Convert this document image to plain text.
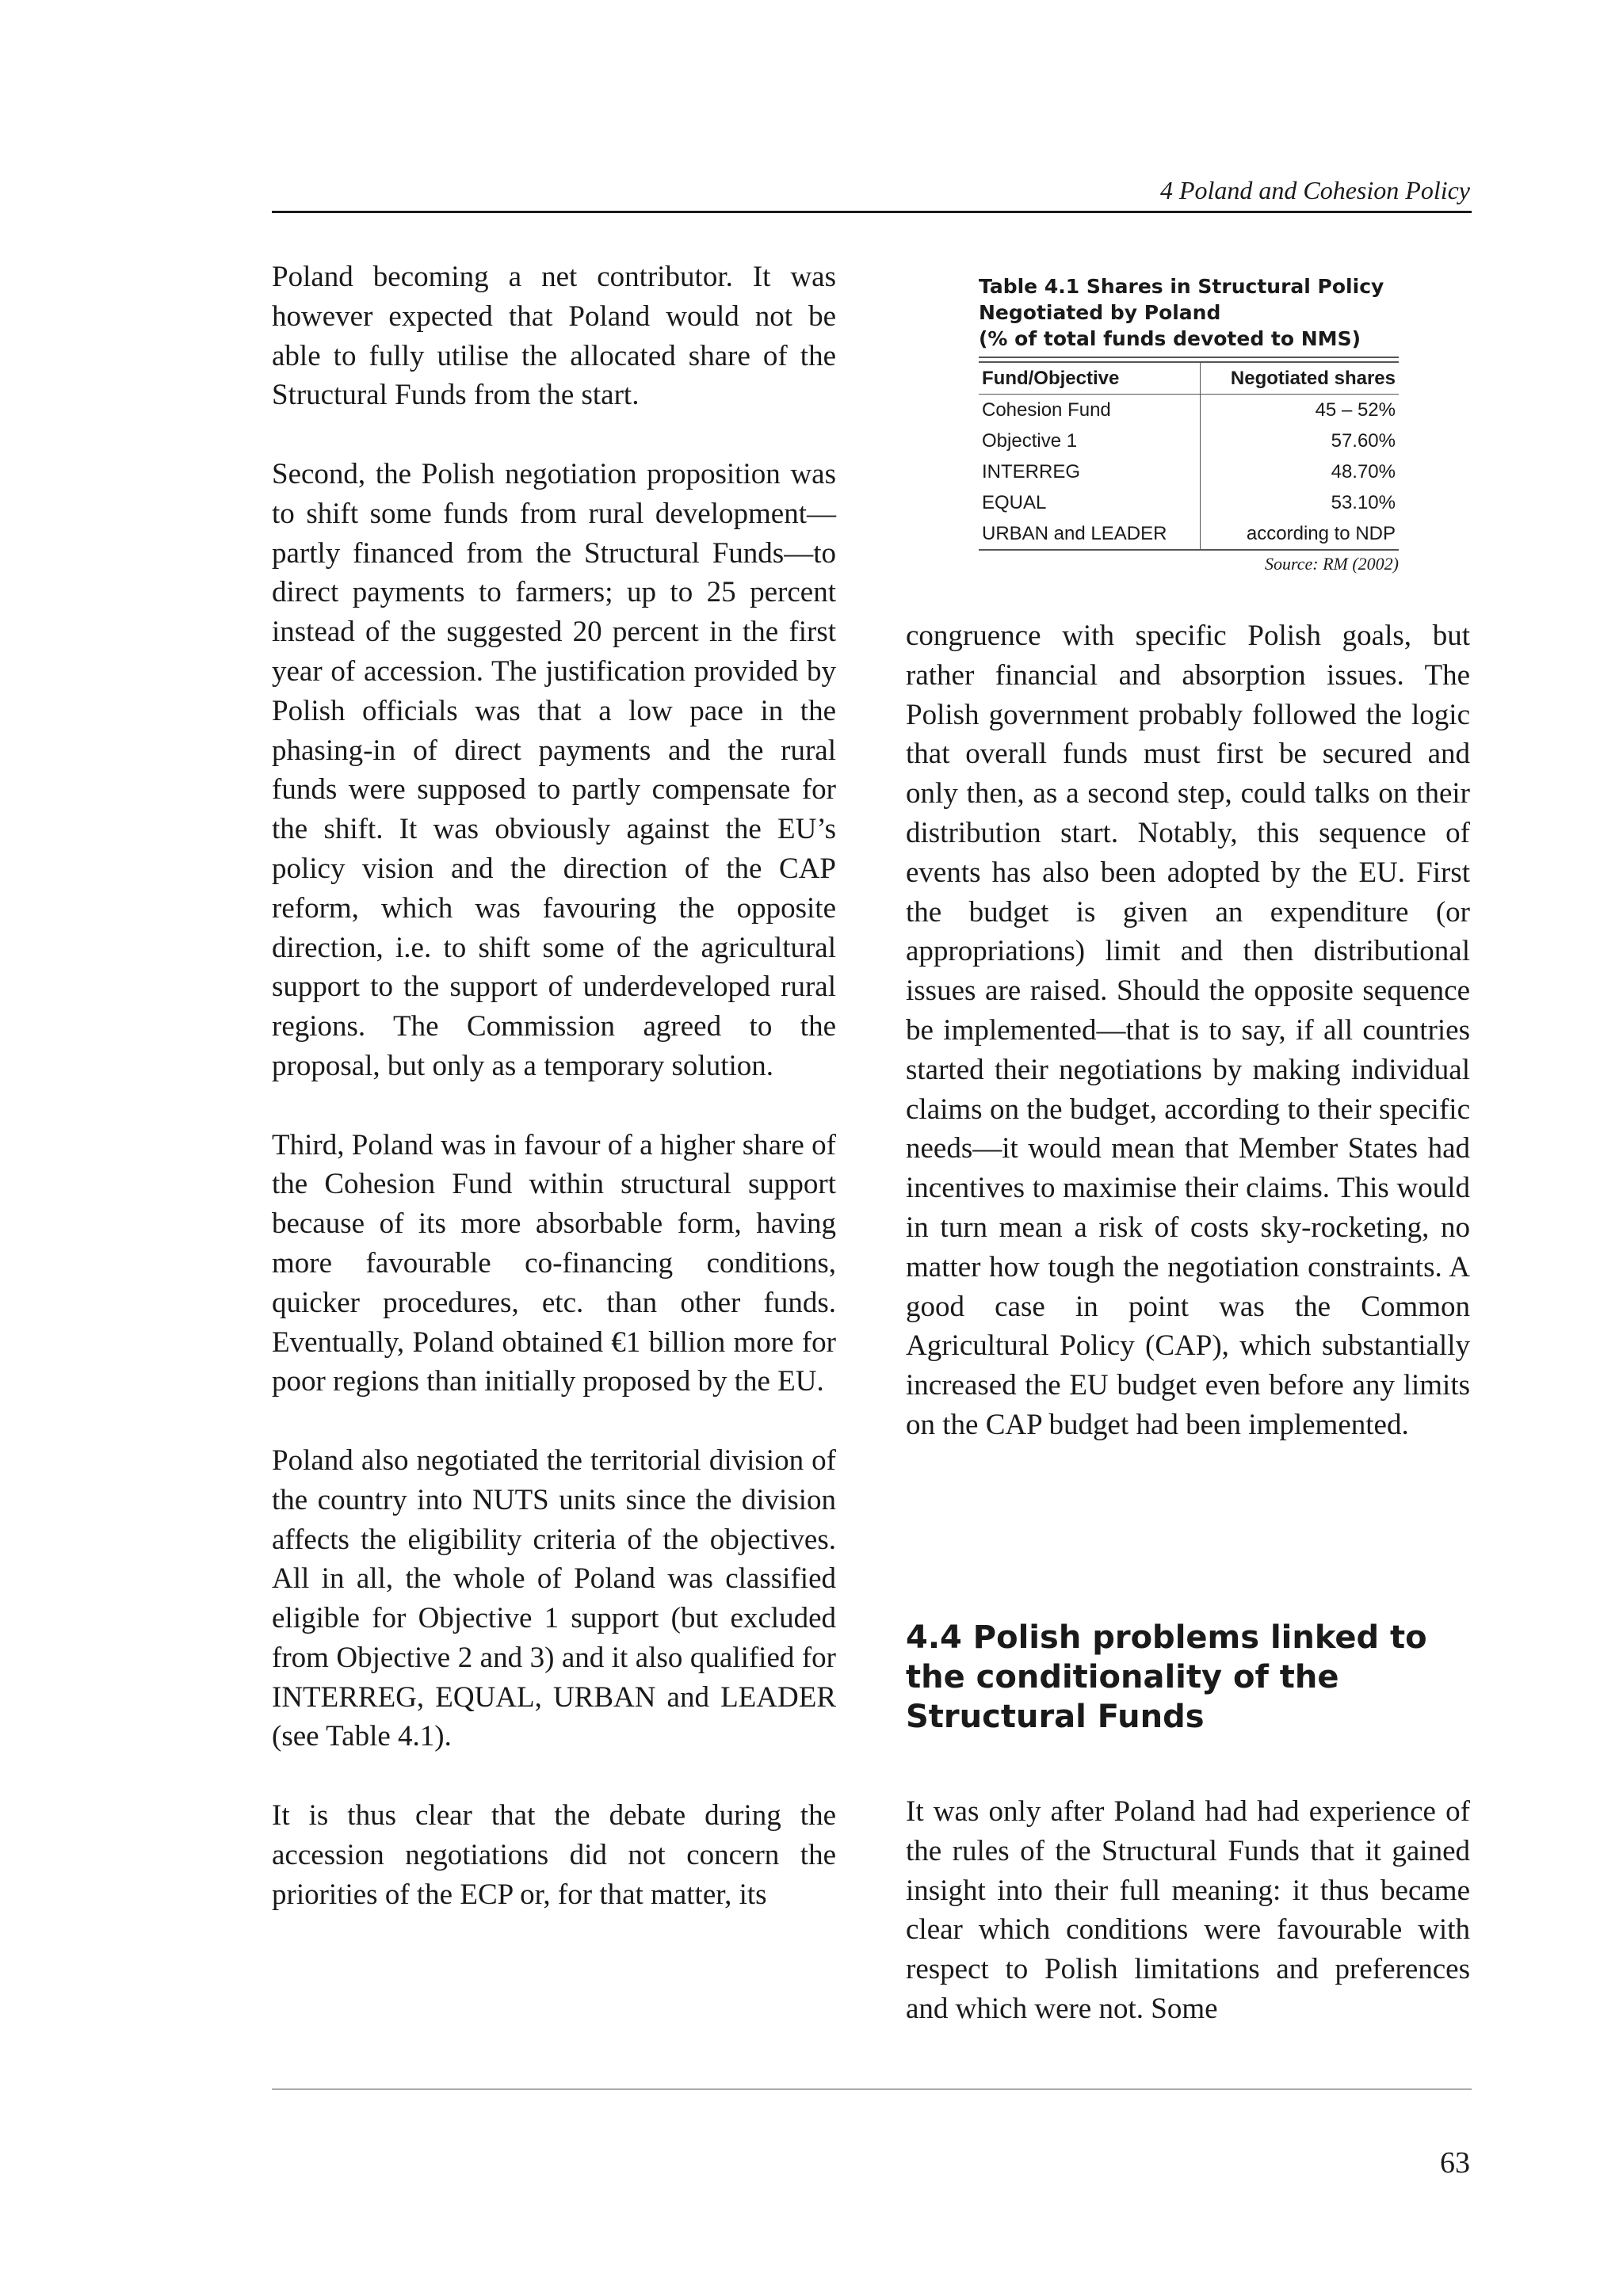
4 Poland and Cohesion Policy

Poland becoming a net contributor. It was however expected that Poland would not be able to fully utilise the allocated share of the Structural Funds from the start.

Second, the Polish negotiation proposition was to shift some funds from rural development—partly financed from the Structural Funds—to direct payments to farmers; up to 25 percent instead of the suggested 20 percent in the first year of accession. The justification provided by Polish officials was that a low pace in the phasing-in of direct payments and the rural funds were supposed to partly compensate for the shift. It was obviously against the EU’s policy vision and the direction of the CAP reform, which was favouring the opposite direction, i.e. to shift some of the agricultural support to the support of underdeveloped rural regions. The Commission agreed to the proposal, but only as a temporary solution.

Third, Poland was in favour of a higher share of the Cohesion Fund within structural support because of its more absorbable form, having more favourable co-financing conditions, quicker procedures, etc. than other funds. Eventually, Poland obtained €1 billion more for poor regions than initially proposed by the EU.

Poland also negotiated the territorial division of the country into NUTS units since the division affects the eligibility criteria of the objectives. All in all, the whole of Poland was classified eligible for Objective 1 support (but excluded from Objective 2 and 3) and it also qualified for INTERREG, EQUAL, URBAN and LEADER (see Table 4.1).

It is thus clear that the debate during the accession negotiations did not concern the priorities of the ECP or, for that matter, its

Table 4.1 Shares in Structural Policy
Negotiated by Poland
(% of total funds devoted to NMS)

Fund/Objective	Negotiated shares
Cohesion Fund	45 – 52%
Objective 1	57.60%
INTERREG	48.70%
EQUAL	53.10%
URBAN and LEADER	according to NDP

Source: RM (2002)

congruence with specific Polish goals, but rather financial and absorption issues. The Polish government probably followed the logic that overall funds must first be secured and only then, as a second step, could talks on their distribution start. Notably, this sequence of events has also been adopted by the EU. First the budget is given an expenditure (or appropriations) limit and then distributional issues are raised. Should the opposite sequence be implemented—that is to say, if all countries started their negotiations by making individual claims on the budget, according to their specific needs—it would mean that Member States had incentives to maximise their claims. This would in turn mean a risk of costs sky-rocketing, no matter how tough the negotiation constraints. A good case in point was the Common Agricultural Policy (CAP), which substantially increased the EU budget even before any limits on the CAP budget had been implemented.

4.4 Polish problems linked to the conditionality of the Structural Funds

It was only after Poland had had experience of the rules of the Structural Funds that it gained insight into their full meaning: it thus became clear which conditions were favourable with respect to Polish limitations and preferences and which were not. Some

63
